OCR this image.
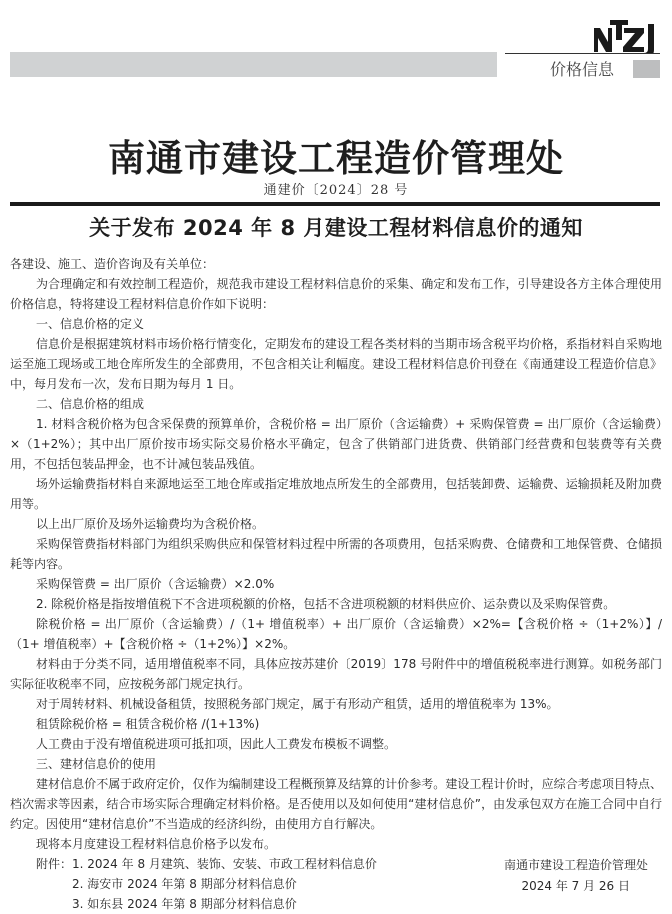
价格信息
南通市建设工程造价管理处
通建价〔2024〕28 号
关于发布 2024 年 8 月建设工程材料信息价的通知

各建设、施工、造价咨询及有关单位：

为合理确定和有效控制工程造价，规范我市建设工程材料信息价的采集、确定和发布工作，引导建设各方主体合理使用价格信息，特将建设工程材料信息价作如下说明：

一、信息价格的定义

信息价是根据建筑材料市场价格行情变化，定期发布的建设工程各类材料的当期市场含税平均价格，系指材料自采购地运至施工现场或工地仓库所发生的全部费用，不包含相关让利幅度。建设工程材料信息价刊登在《南通建设工程造价信息》中，每月发布一次，发布日期为每月 1 日。

二、信息价格的组成

1. 材料含税价格为包含采保费的预算单价，含税价格 = 出厂原价（含运输费）+ 采购保管费 = 出厂原价（含运输费）×（1+2%）；其中出厂原价按市场实际交易价格水平确定，包含了供销部门进货费、供销部门经营费和包装费等有关费用，不包括包装品押金，也不计减包装品残值。

场外运输费指材料自来源地运至工地仓库或指定堆放地点所发生的全部费用，包括装卸费、运输费、运输损耗及附加费用等。

以上出厂原价及场外运输费均为含税价格。

采购保管费指材料部门为组织采购供应和保管材料过程中所需的各项费用，包括采购费、仓储费和工地保管费、仓储损耗等内容。

采购保管费 = 出厂原价（含运输费）×2.0%

2. 除税价格是指按增值税下不含进项税额的价格，包括不含进项税额的材料供应价、运杂费以及采购保管费。

除税价格 = 出厂原价（含运输费）/（1+ 增值税率）+ 出厂原价（含运输费）×2%=【含税价格 ÷（1+2%）】/（1+ 增值税率）+【含税价格 ÷（1+2%）】×2%。

材料由于分类不同，适用增值税率不同，具体应按苏建价〔2019〕178 号附件中的增值税税率进行测算。如税务部门实际征收税率不同，应按税务部门规定执行。

对于周转材料、机械设备租赁，按照税务部门规定，属于有形动产租赁，适用的增值税率为 13%。

租赁除税价格 = 租赁含税价格 /(1+13%)

人工费由于没有增值税进项可抵扣项，因此人工费发布模板不调整。

三、建材信息价的使用

建材信息价不属于政府定价，仅作为编制建设工程概预算及结算的计价参考。建设工程计价时，应综合考虑项目特点、档次需求等因素，结合市场实际合理确定材料价格。是否使用以及如何使用“建材信息价”，由发承包双方在施工合同中自行约定。因使用“建材信息价”不当造成的经济纠纷，由使用方自行解决。

现将本月度建设工程材料信息价格予以发布。

附件：1. 2024 年 8 月建筑、装饰、安装、市政工程材料信息价

2. 海安市 2024 年第 8 期部分材料信息价

3. 如东县 2024 年第 8 期部分材料信息价

南通市建设工程造价管理处
2024 年 7 月 26 日
